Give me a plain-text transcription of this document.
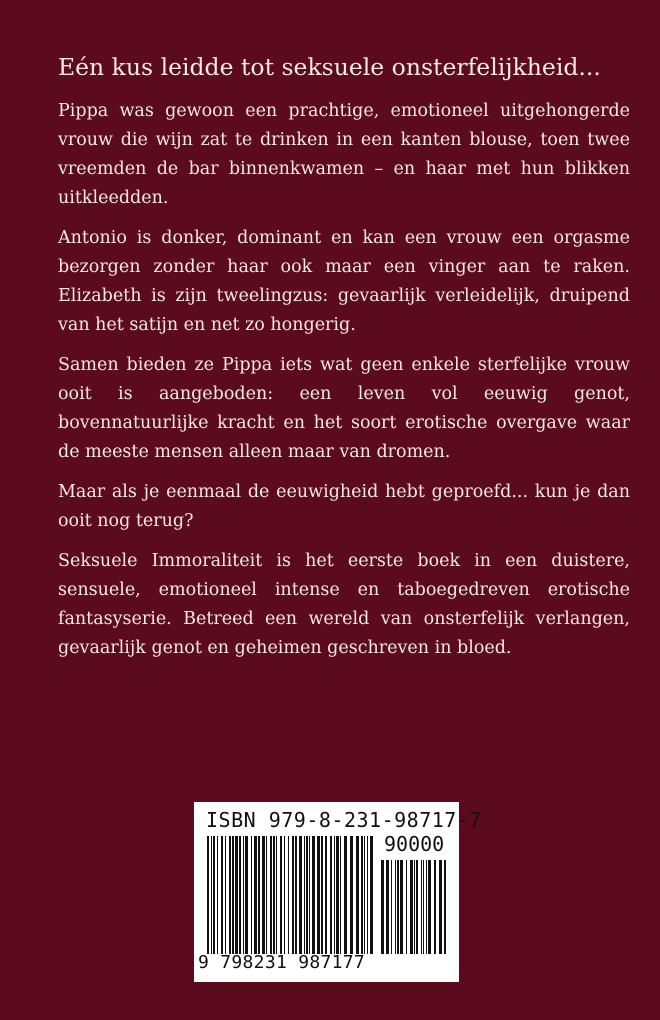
Eén kus leidde tot seksuele onsterfelijkheid...

Pippa was gewoon een prachtige, emotioneel uitgehongerde vrouw die wijn zat te drinken in een kanten blouse, toen twee vreemden de bar binnenkwamen – en haar met hun blikken uitkleedden.

Antonio is donker, dominant en kan een vrouw een orgasme bezorgen zonder haar ook maar een vinger aan te raken. Elizabeth is zijn tweelingzus: gevaarlijk verleidelijk, druipend van het satijn en net zo hongerig.

Samen bieden ze Pippa iets wat geen enkele sterfelijke vrouw ooit is aangeboden: een leven vol eeuwig genot, bovennatuurlijke kracht en het soort erotische overgave waar de meeste mensen alleen maar van dromen.

Maar als je eenmaal de eeuwigheid hebt geproefd... kun je dan ooit nog terug?

Seksuele Immoraliteit is het eerste boek in een duistere, sensuele, emotioneel intense en taboegedreven erotische fantasyserie. Betreed een wereld van onsterfelijk verlangen, gevaarlijk genot en geheimen geschreven in bloed.

ISBN 979-8-231-98717-7
90000
9 798231 987177
